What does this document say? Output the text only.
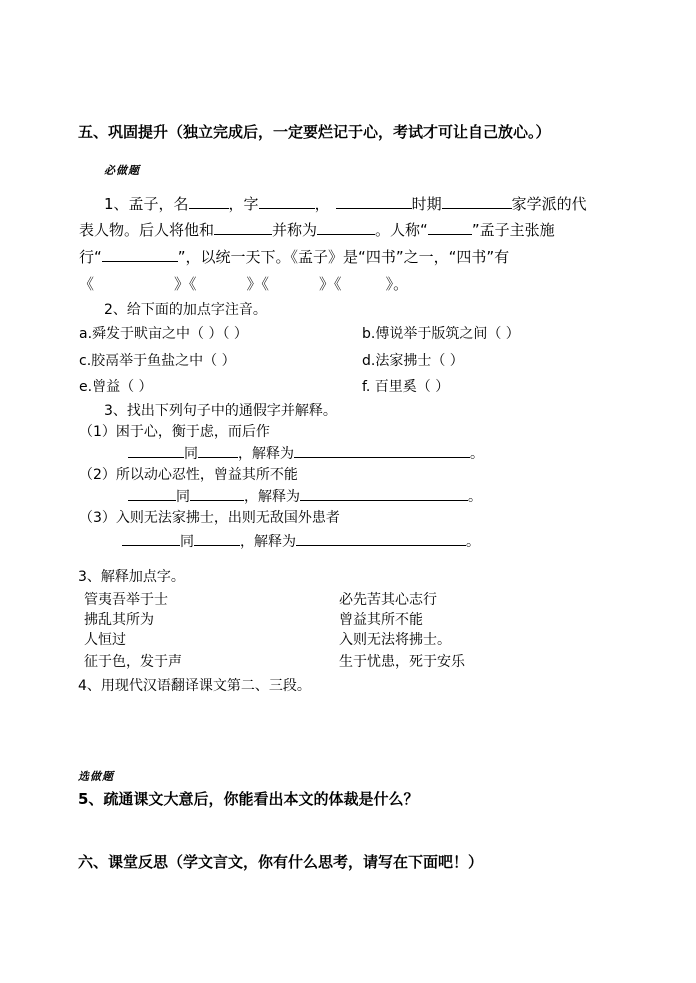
五、巩固提升（独立完成后，一定要烂记于心，考试才可让自己放心。）
必做题
1、孟子，名	，字	，	时期	家学派的代
表人物。后人将他和	并称为	。人称“	”孟子主张施
行“	”，以统一天下。《孟子》是“四书”之一，“四书”有
《	》《	》《	》《	》。
2、给下面的加点字注音。
a.舜发于畎亩之中（ ）（ ）	b.傅说举于版筑之间（ ）
c.胶鬲举于鱼盐之中（ ）	d.法家拂士（ ）
e.曾益（ ）	f. 百里奚（ ）
3、找出下列句子中的通假字并解释。
（1）困于心，衡于虑，而后作
同	，解释为	。
（2）所以动心忍性，曾益其所不能
同	，解释为	。
（3）入则无法家拂士，出则无敌国外患者
同	，解释为	。
3、解释加点字。
管夷吾举于士	必先苦其心志行
拂乱其所为	曾益其所不能
人恒过	入则无法将拂士。
征于色，发于声	生于忧患，死于安乐
4、用现代汉语翻译课文第二、三段。
选做题
5、疏通课文大意后，你能看出本文的体裁是什么？
六、课堂反思（学文言文，你有什么思考，请写在下面吧！）
